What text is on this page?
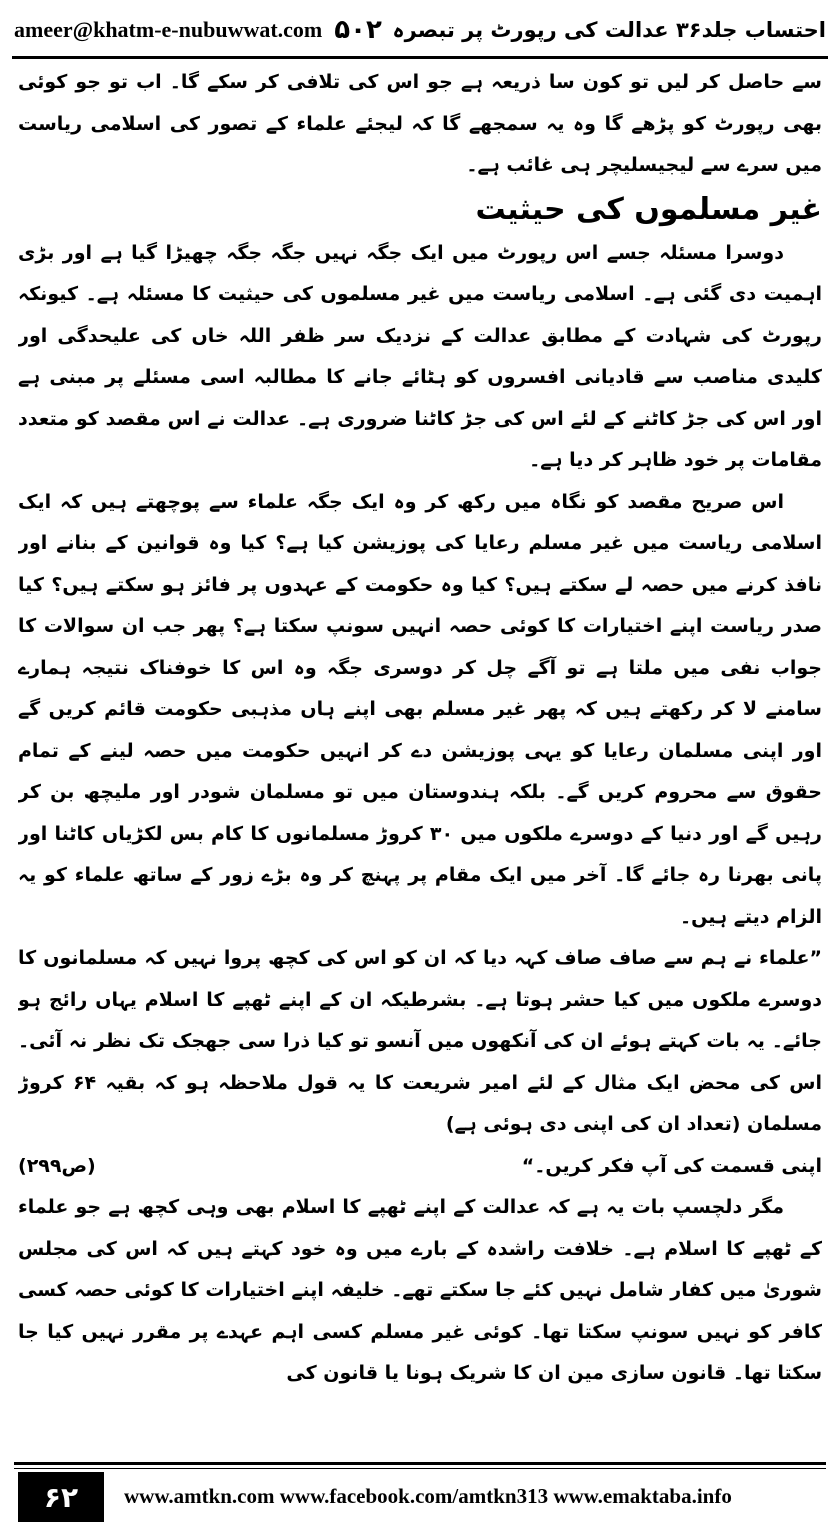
ameer@khatm-e-nubuwwat.com ۵۰۲ احتساب جلد۳۶ عدالت کی رپورٹ پر تبصرہ

سے حاصل کر لیں تو کون سا ذریعہ ہے جو اس کی تلافی کر سکے گا۔ اب تو جو کوئی بھی رپورٹ کو پڑھے گا وہ یہ سمجھے گا کہ لیجئے علماء کے تصور کی اسلامی ریاست میں سرے سے لیجیسلیچر ہی غائب ہے۔

غیر مسلموں کی حیثیت

دوسرا مسئلہ جسے اس رپورٹ میں ایک جگہ نہیں جگہ جگہ چھیڑا گیا ہے اور بڑی اہمیت دی گئی ہے۔ اسلامی ریاست میں غیر مسلموں کی حیثیت کا مسئلہ ہے۔ کیونکہ رپورٹ کی شہادت کے مطابق عدالت کے نزدیک سر ظفر اللہ خاں کی علیحدگی اور کلیدی مناصب سے قادیانی افسروں کو ہٹائے جانے کا مطالبہ اسی مسئلے پر مبنی ہے اور اس کی جڑ کاٹنے کے لئے اس کی جڑ کاٹنا ضروری ہے۔ عدالت نے اس مقصد کو متعدد مقامات پر خود ظاہر کر دیا ہے۔

اس صریح مقصد کو نگاہ میں رکھ کر وہ ایک جگہ علماء سے پوچھتے ہیں کہ ایک اسلامی ریاست میں غیر مسلم رعایا کی پوزیشن کیا ہے؟ کیا وہ قوانین کے بنانے اور نافذ کرنے میں حصہ لے سکتے ہیں؟ کیا وہ حکومت کے عہدوں پر فائز ہو سکتے ہیں؟ کیا صدر ریاست اپنے اختیارات کا کوئی حصہ انہیں سونپ سکتا ہے؟ پھر جب ان سوالات کا جواب نفی میں ملتا ہے تو آگے چل کر دوسری جگہ وہ اس کا خوفناک نتیجہ ہمارے سامنے لا کر رکھتے ہیں کہ پھر غیر مسلم بھی اپنے ہاں مذہبی حکومت قائم کریں گے اور اپنی مسلمان رعایا کو یہی پوزیشن دے کر انہیں حکومت میں حصہ لینے کے تمام حقوق سے محروم کریں گے۔ بلکہ ہندوستان میں تو مسلمان شودر اور ملیچھ بن کر رہیں گے اور دنیا کے دوسرے ملکوں میں ۳۰ کروڑ مسلمانوں کا کام بس لکڑیاں کاٹنا اور پانی بھرنا رہ جائے گا۔ آخر میں ایک مقام پر پہنچ کر وہ بڑے زور کے ساتھ علماء کو یہ الزام دیتے ہیں۔

”علماء نے ہم سے صاف صاف کہہ دیا کہ ان کو اس کی کچھ پروا نہیں کہ مسلمانوں کا دوسرے ملکوں میں کیا حشر ہوتا ہے۔ بشرطیکہ ان کے اپنے ٹھپے کا اسلام یہاں رائج ہو جائے۔ یہ بات کہتے ہوئے ان کی آنکھوں میں آنسو تو کیا ذرا سی جھجک تک نظر نہ آئی۔ اس کی محض ایک مثال کے لئے امیر شریعت کا یہ قول ملاحظہ ہو کہ بقیہ ۶۴ کروڑ مسلمان (تعداد ان کی اپنی دی ہوئی ہے)

اپنی قسمت کی آپ فکر کریں۔“
(ص۲۹۹)

مگر دلچسپ بات یہ ہے کہ عدالت کے اپنے ٹھپے کا اسلام بھی وہی کچھ ہے جو علماء کے ٹھپے کا اسلام ہے۔ خلافت راشدہ کے بارے میں وہ خود کہتے ہیں کہ اس کی مجلس شوریٰ میں کفار شامل نہیں کئے جا سکتے تھے۔ خلیفہ اپنے اختیارات کا کوئی حصہ کسی کافر کو نہیں سونپ سکتا تھا۔ کوئی غیر مسلم کسی اہم عہدے پر مقرر نہیں کیا جا سکتا تھا۔ قانون سازی مین ان کا شریک ہونا یا قانون کی

۶۲	www.amtkn.com www.facebook.com/amtkn313 www.emaktaba.info
